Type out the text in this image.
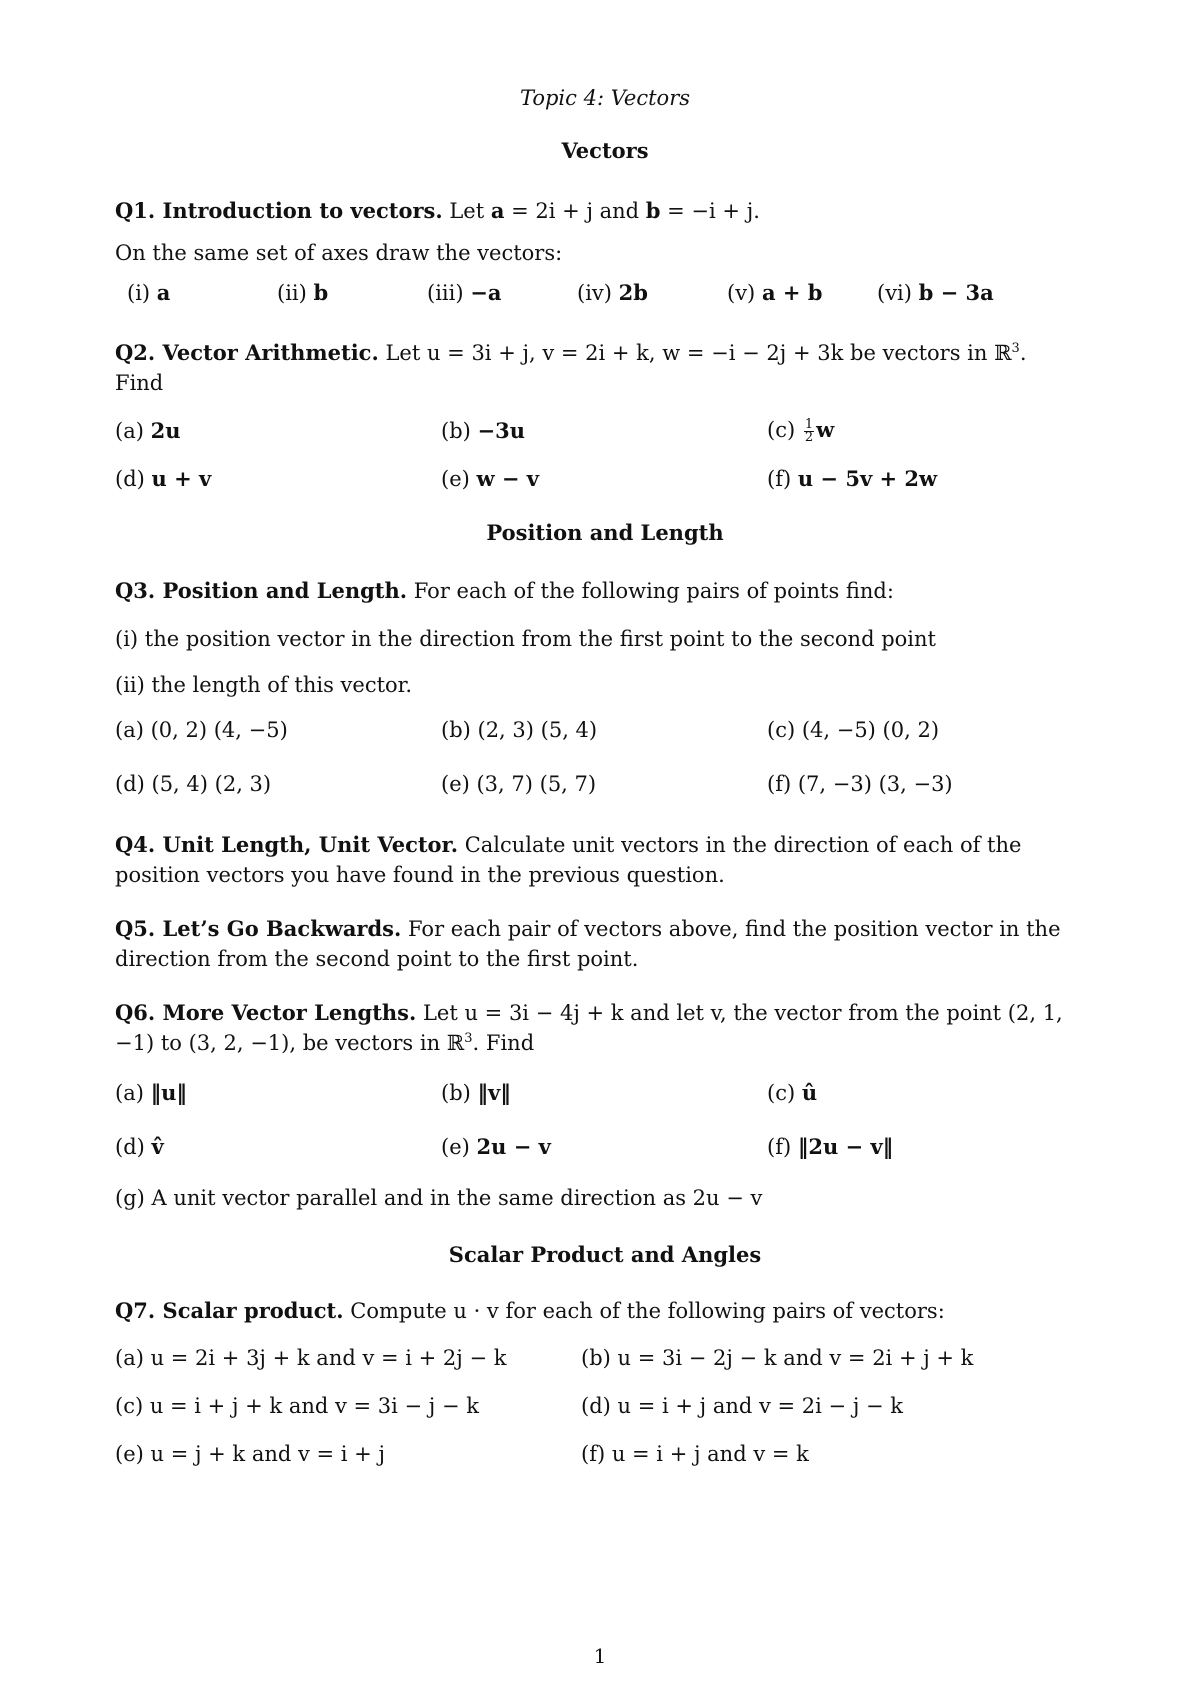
Topic 4: Vectors
Vectors
Q1. Introduction to vectors. Let a = 2i + j and b = −i + j.
On the same set of axes draw the vectors:
(i) a	(ii) b	(iii) −a	(iv) 2b	(v) a + b	(vi) b − 3a
Q2. Vector Arithmetic. Let u = 3i + j, v = 2i + k, w = −i − 2j + 3k be vectors in ℝ$^3$.
Find
(a) 2u	(b) −3u	$(c) \frac{1}{2}$ w
(d) u + v	(e) w − v	(f) u − 5v + 2w
Position and Length
Q3. Position and Length. For each of the following pairs of points find:
(i) the position vector in the direction from the first point to the second point
(ii) the length of this vector.
(a) (0, 2) (4, −5)	(b) (2, 3) (5, 4)	(c) (4, −5) (0, 2)
(d) (5, 4) (2, 3)	(e) (3, 7) (5, 7)	(f) (7, −3) (3, −3)
Q4. Unit Length, Unit Vector. Calculate unit vectors in the direction of each of the position vectors you have found in the previous question.
Q5. Let’s Go Backwards. For each pair of vectors above, find the position vector in the direction from the second point to the first point.
Q6. More Vector Lengths. Let u = 3i − 4j + k and let v, the vector from the point (2, 1, −1) to (3, 2, −1), be vectors in ℝ$^3$. Find
(a) ‖u‖	(b) ‖v‖	(c) û
(d) v̂	(e) 2u − v	(f) ‖2u − v‖
(g) A unit vector parallel and in the same direction as 2u − v
Scalar Product and Angles
Q7. Scalar product. Compute u · v for each of the following pairs of vectors:
(a) u = 2i + 3j + k and v = i + 2j − k	(b) u = 3i − 2j − k and v = 2i + j + k
(c) u = i + j + k and v = 3i − j − k	(d) u = i + j and v = 2i − j − k
(e) u = j + k and v = i + j	(f) u = i + j and v = k
1
